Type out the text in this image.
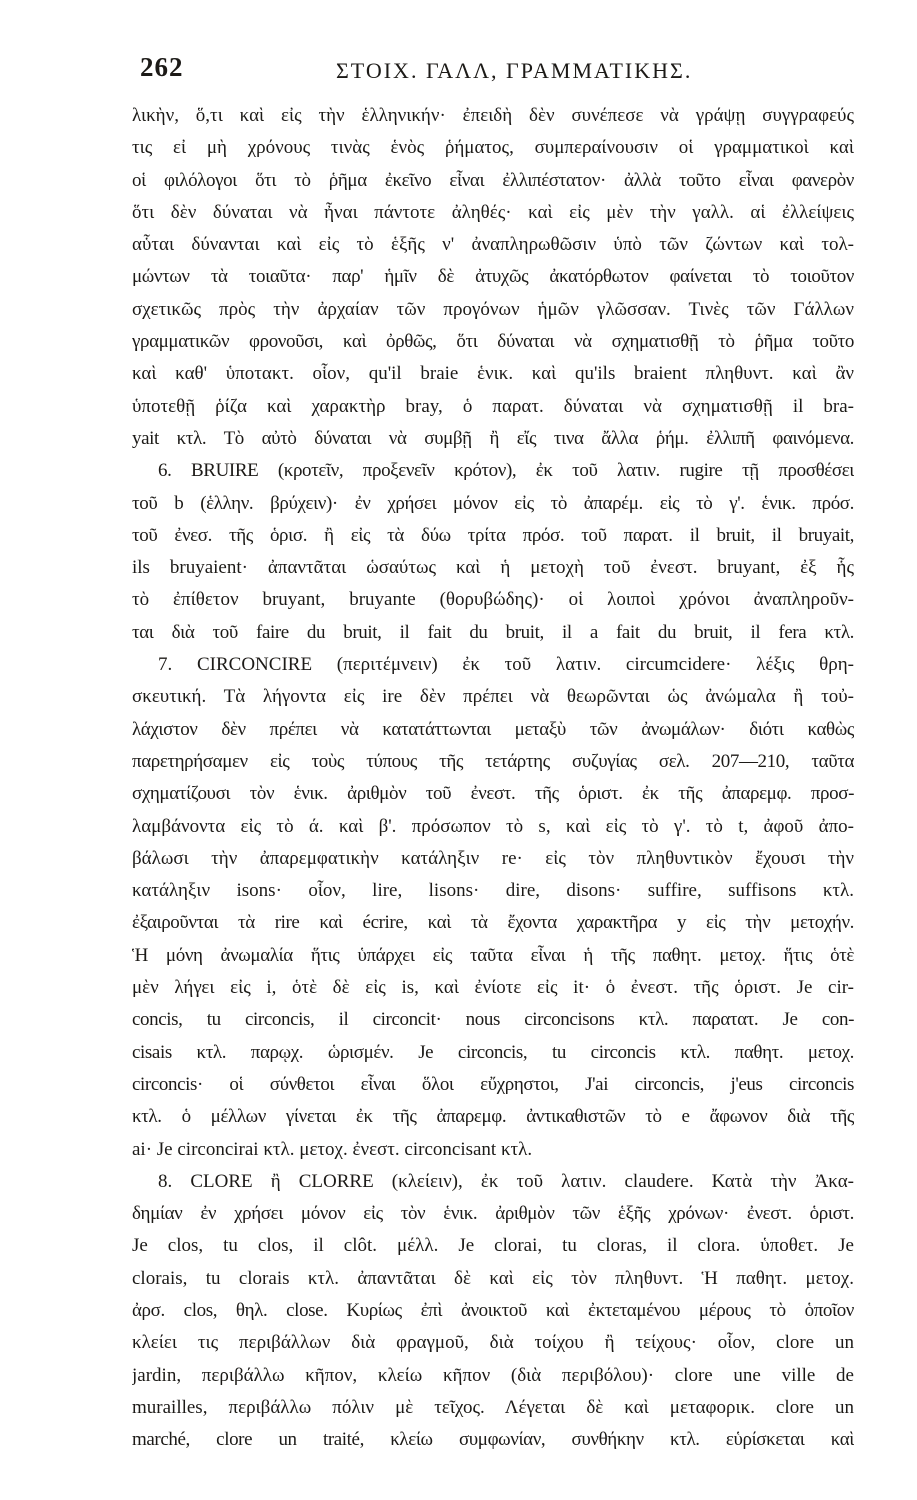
262	ΣΤΟΙΧ. ΓΑΛΛ, ΓΡΑΜΜΑΤΙΚΗΣ.
λικὴν, ὅ,τι καὶ εἰς τὴν ἑλληνικήν· ἐπειδὴ δὲν συνέπεσε νὰ γράψῃ συγγραφεύς
τις εἰ μὴ χρόνους τινὰς ἑνὸς ῥήματος, συμπεραίνουσιν οἱ γραμματικοὶ καὶ
οἱ φιλόλογοι ὅτι τὸ ῥῆμα ἐκεῖνο εἶναι ἐλλιπέστατον· ἀλλὰ τοῦτο εἶναι φανερὸν
ὅτι δὲν δύναται νὰ ἦναι πάντοτε ἀληθές· καὶ εἰς μὲν τὴν γαλλ. αἱ ἐλλείψεις
αὗται δύνανται καὶ εἰς τὸ ἑξῆς ν' ἀναπληρωθῶσιν ὑπὸ τῶν ζώντων καὶ τολ-
μώντων τὰ τοιαῦτα· παρ' ἡμῖν δὲ ἀτυχῶς ἀκατόρθωτον φαίνεται τὸ τοιοῦτον
σχετικῶς πρὸς τὴν ἀρχαίαν τῶν προγόνων ἡμῶν γλῶσσαν. Τινὲς τῶν Γάλλων
γραμματικῶν φρονοῦσι, καὶ ὀρθῶς, ὅτι δύναται νὰ σχηματισθῇ τὸ ῥῆμα τοῦτο
καὶ καθ' ὑποτακτ. οἷον, qu'il braie ἑνικ. καὶ qu'ils braient πληθυντ. καὶ ἂν
ὑποτεθῇ ῥίζα καὶ χαρακτὴρ bray, ὁ παρατ. δύναται νὰ σχηματισθῇ il bra-
yait κτλ. Τὸ αὐτὸ δύναται νὰ συμβῇ ἢ εἴς τινα ἄλλα ῥήμ. ἐλλιπῆ φαινόμενα.
6. BRUIRE (κροτεῖν, προξενεῖν κρότον), ἐκ τοῦ λατιν. rugire τῇ προσθέσει
τοῦ b (ἑλλην. βρύχειν)· ἐν χρήσει μόνον εἰς τὸ ἀπαρέμ. εἰς τὸ γ'. ἑνικ. πρόσ.
τοῦ ἐνεσ. τῆς ὁρισ. ἢ εἰς τὰ δύω τρίτα πρόσ. τοῦ παρατ. il bruit, il bruyait,
ils bruyaient· ἀπαντᾶται ὡσαύτως καὶ ἡ μετοχὴ τοῦ ἐνεστ. bruyant, ἐξ ἧς
τὸ ἐπίθετον bruyant, bruyante (θορυβώδης)· οἱ λοιποὶ χρόνοι ἀναπληροῦν-
ται διὰ τοῦ faire du bruit, il fait du bruit, il a fait du bruit, il fera κτλ.
7. CIRCONCIRE (περιτέμνειν) ἐκ τοῦ λατιν. circumcidere· λέξις θρη-
σκευτική. Τὰ λήγοντα εἰς ire δὲν πρέπει νὰ θεωρῶνται ὡς ἀνώμαλα ἢ τοὐ-
λάχιστον δὲν πρέπει νὰ κατατάττωνται μεταξὺ τῶν ἀνωμάλων· διότι καθὼς
παρετηρήσαμεν εἰς τοὺς τύπους τῆς τετάρτης συζυγίας σελ. 207—210, ταῦτα
σχηματίζουσι τὸν ἑνικ. ἀριθμὸν τοῦ ἐνεστ. τῆς ὁριστ. ἐκ τῆς ἀπαρεμφ. προσ-
λαμβάνοντα εἰς τὸ ά. καὶ β'. πρόσωπον τὸ s, καὶ εἰς τὸ γ'. τὸ t, ἀφοῦ ἀπο-
βάλωσι τὴν ἀπαρεμφατικὴν κατάληξιν re· εἰς τὸν πληθυντικὸν ἔχουσι τὴν
κατάληξιν isons· οἷον, lire, lisons· dire, disons· suffire, suffisons κτλ.
ἐξαιροῦνται τὰ rire καὶ écrire, καὶ τὰ ἔχοντα χαρακτῆρα y εἰς τὴν μετοχήν.
Ἡ μόνη ἀνωμαλία ἥτις ὑπάρχει εἰς ταῦτα εἶναι ἡ τῆς παθητ. μετοχ. ἥτις ὁτὲ
μὲν λήγει εἰς i, ὁτὲ δὲ εἰς is, καὶ ἐνίοτε εἰς it· ὁ ἐνεστ. τῆς ὁριστ. Je cir-
concis, tu circoncis, il circoncit· nous circoncisons κτλ. παρατατ. Je con-
cisais κτλ. παρῳχ. ὡρισμέν. Je circoncis, tu circoncis κτλ. παθητ. μετοχ.
circoncis· οἱ σύνθετοι εἶναι ὅλοι εὔχρηστοι, J'ai circoncis, j'eus circoncis
κτλ. ὁ μέλλων γίνεται ἐκ τῆς ἀπαρεμφ. ἀντικαθιστῶν τὸ e ἄφωνον διὰ τῆς
ai· Je circoncirai κτλ. μετοχ. ἐνεστ. circoncisant κτλ.
8. CLORE ἢ CLORRE (κλείειν), ἐκ τοῦ λατιν. claudere. Κατὰ τὴν Ἀκα-
δημίαν ἐν χρήσει μόνον εἰς τὸν ἑνικ. ἀριθμὸν τῶν ἑξῆς χρόνων· ἐνεστ. ὁριστ.
Je clos, tu clos, il clôt. μέλλ. Je clorai, tu cloras, il clora. ὑποθετ. Je
clorais, tu clorais κτλ. ἀπαντᾶται δὲ καὶ εἰς τὸν πληθυντ. Ἡ παθητ. μετοχ.
ἀρσ. clos, θηλ. close. Κυρίως ἐπὶ ἀνοικτοῦ καὶ ἐκτεταμένου μέρους τὸ ὁποῖον
κλείει τις περιβάλλων διὰ φραγμοῦ, διὰ τοίχου ἢ τείχους· οἷον, clore un
jardin, περιβάλλω κῆπον, κλείω κῆπον (διὰ περιβόλου)· clore une ville de
murailles, περιβάλλω πόλιν μὲ τεῖχος. Λέγεται δὲ καὶ μεταφορικ. clore un
marché, clore un traité, κλείω συμφωνίαν, συνθήκην κτλ. εὑρίσκεται καὶ
